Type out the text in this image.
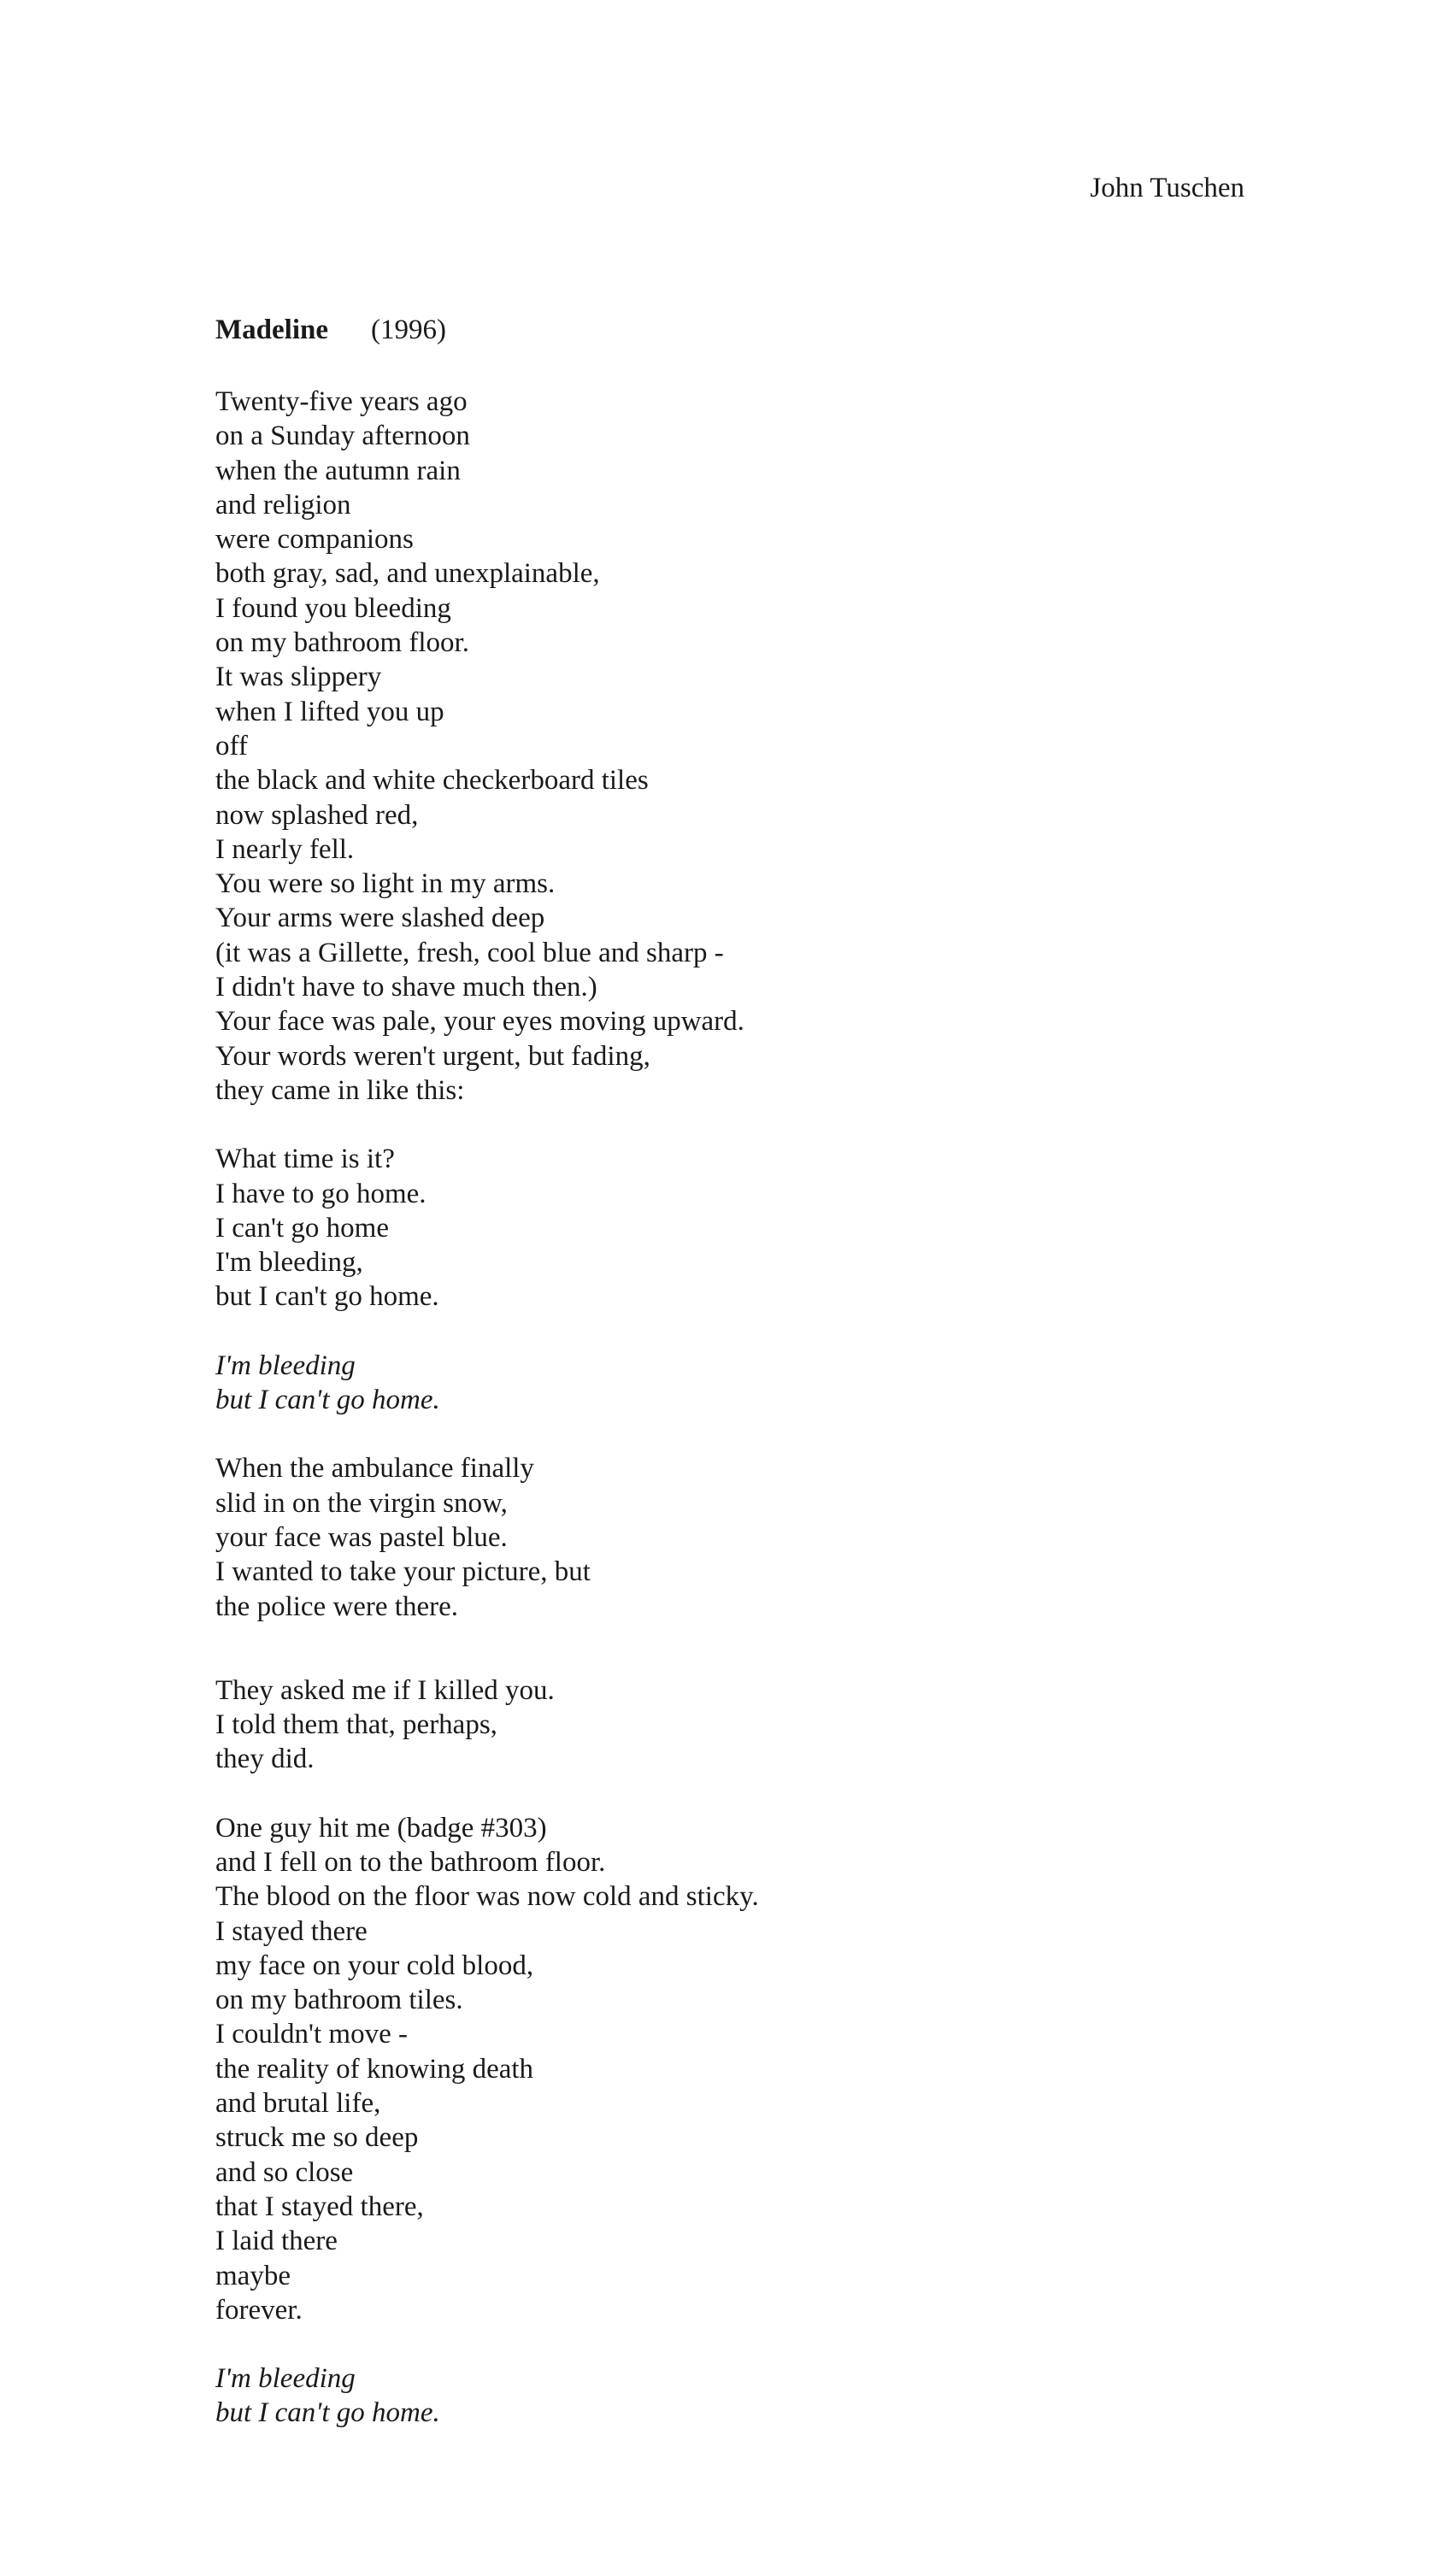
John Tuschen
Madeline (1996)
Twenty-five years ago
on a Sunday afternoon
when the autumn rain
and religion
were companions
both gray, sad, and unexplainable,
I found you bleeding
on my bathroom floor.
It was slippery
when I lifted you up
off
the black and white checkerboard tiles
now splashed red,
I nearly fell.
You were so light in my arms.
Your arms were slashed deep
(it was a Gillette, fresh, cool blue and sharp -
I didn't have to shave much then.)
Your face was pale, your eyes moving upward.
Your words weren't urgent, but fading,
they came in like this:
What time is it?
I have to go home.
I can't go home
I'm bleeding,
but I can't go home.
I'm bleeding
but I can't go home.
When the ambulance finally
slid in on the virgin snow,
your face was pastel blue.
I wanted to take your picture, but
the police were there.
They asked me if I killed you.
I told them that, perhaps,
they did.
One guy hit me (badge #303)
and I fell on to the bathroom floor.
The blood on the floor was now cold and sticky.
I stayed there
my face on your cold blood,
on my bathroom tiles.
I couldn't move -
the reality of knowing death
and brutal life,
struck me so deep
and so close
that I stayed there,
I laid there
maybe
forever.
I'm bleeding
but I can't go home.
